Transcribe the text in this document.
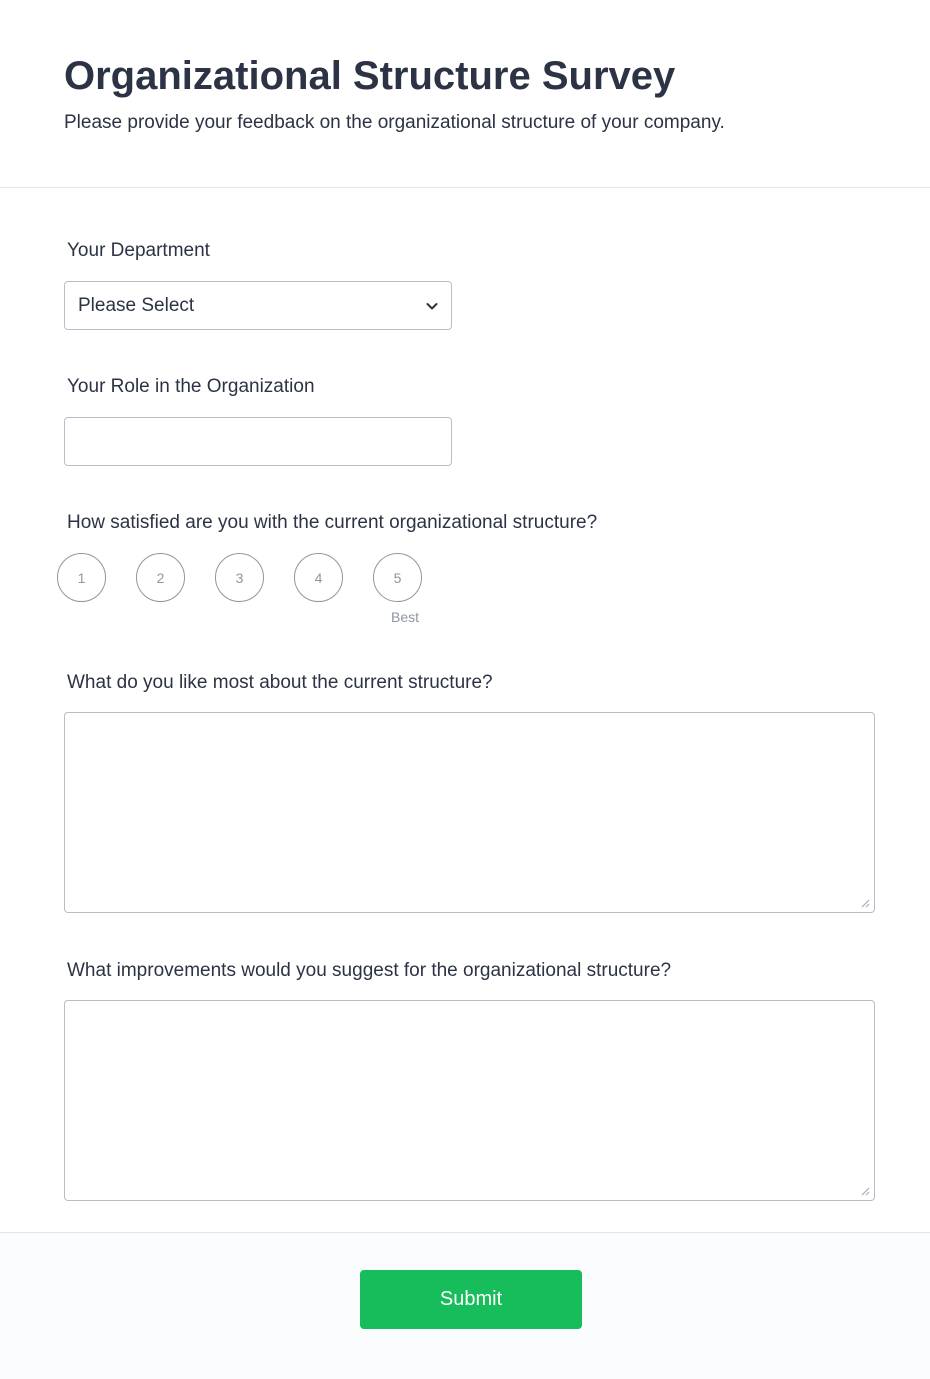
Organizational Structure Survey

Please provide your feedback on the organizational structure of your company.

Your Department
Please Select
Your Role in the Organization
How satisfied are you with the current organizational structure?
1	2	3	4	5
Best
What do you like most about the current structure?
What improvements would you suggest for the organizational structure?
Submit
